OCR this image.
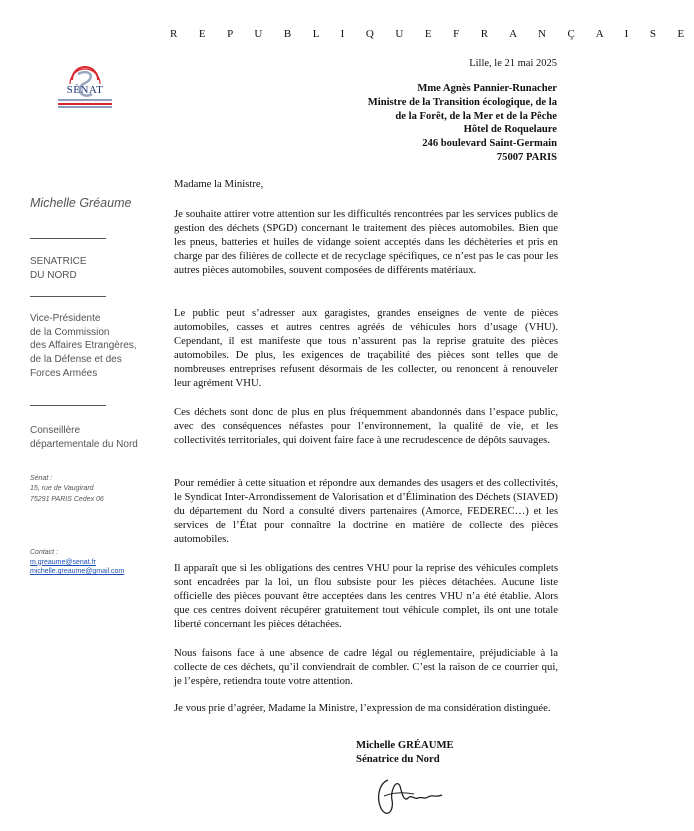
R E P U B L I Q U E F R A N Ç A I S E
SÉNAT
Lille, le 21 mai 2025
Mme Agnès Pannier-Runacher
Ministre de la Transition écologique, de la
de la Forêt, de la Mer et de la Pêche
Hôtel de Roquelaure
246 boulevard Saint-Germain
75007 PARIS
Michelle Gréaume
SENATRICE
DU NORD
Vice-Présidente
de la Commission
des Affaires Etrangères,
de la Défense et des
Forces Armées
Conseillère
départementale du Nord
Sénat :
15, rue de Vaugirard
75291 PARIS Cedex 06
Contact :
m.greaume@senat.fr
michelle.greaume@gmail.com
Madame la Ministre,

Je souhaite attirer votre attention sur les difficultés rencontrées par les services publics de gestion des déchets (SPGD) concernant le traitement des pièces automobiles. Bien que les pneus, batteries et huiles de vidange soient acceptés dans les déchèteries et pris en charge par des filières de collecte et de recyclage spécifiques, ce n’est pas le cas pour les autres pièces automobiles, souvent composées de différents matériaux.

Le public peut s’adresser aux garagistes, grandes enseignes de vente de pièces automobiles, casses et autres centres agréés de véhicules hors d’usage (VHU). Cependant, il est manifeste que tous n’assurent pas la reprise gratuite des pièces automobiles. De plus, les exigences de traçabilité des pièces sont telles que de nombreuses entreprises refusent désormais de les collecter, ou renoncent à renouveler leur agrément VHU.

Ces déchets sont donc de plus en plus fréquemment abandonnés dans l’espace public, avec des conséquences néfastes pour l’environnement, la qualité de vie, et les collectivités territoriales, qui doivent faire face à une recrudescence de dépôts sauvages.

Pour remédier à cette situation et répondre aux demandes des usagers et des collectivités, le Syndicat Inter-Arrondissement de Valorisation et d’Élimination des Déchets (SIAVED) du département du Nord a consulté divers partenaires (Amorce, FEDEREC…) et les services de l’État pour connaître la doctrine en matière de collecte des pièces automobiles.

Il apparaît que si les obligations des centres VHU pour la reprise des véhicules complets sont encadrées par la loi, un flou subsiste pour les pièces détachées. Aucune liste officielle des pièces pouvant être acceptées dans les centres VHU n’a été établie. Alors que ces centres doivent récupérer gratuitement tout véhicule complet, ils ont une totale liberté concernant les pièces détachées.

Nous faisons face à une absence de cadre légal ou réglementaire, préjudiciable à la collecte de ces déchets, qu’il conviendrait de combler. C’est la raison de ce courrier qui, je l’espère, retiendra toute votre attention.

Je vous prie d’agréer, Madame la Ministre, l’expression de ma considération distinguée.

Michelle GRÉAUME
Sénatrice du Nord
